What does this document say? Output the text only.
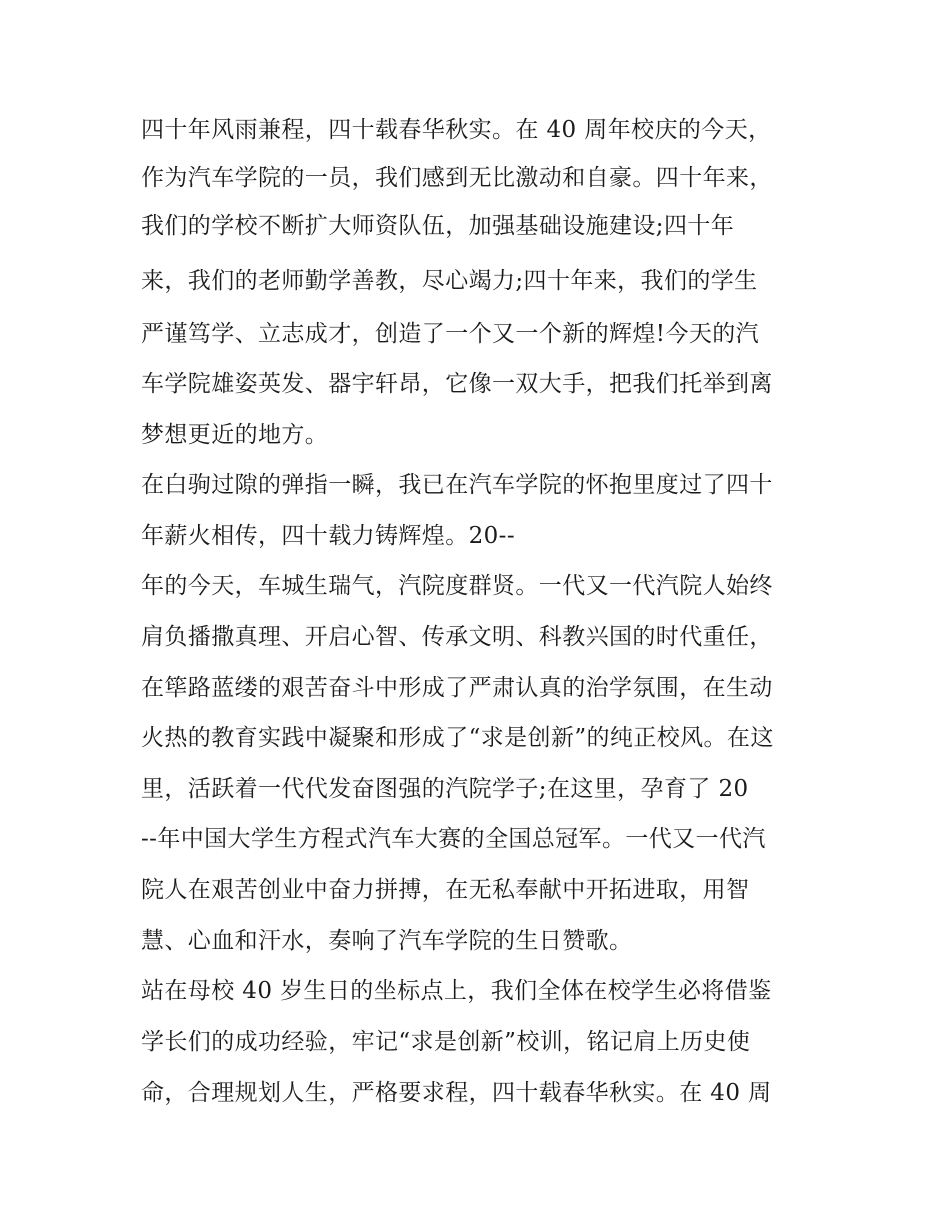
四十年风雨兼程，四十载春华秋实。在 40 周年校庆的今天，
作为汽车学院的一员，我们感到无比激动和自豪。四十年来，
我们的学校不断扩大师资队伍，加强基础设施建设;四十年
来，我们的老师勤学善教，尽心竭力;四十年来，我们的学生
严谨笃学、立志成才，创造了一个又一个新的辉煌!今天的汽
车学院雄姿英发、器宇轩昂，它像一双大手，把我们托举到离
梦想更近的地方。
在白驹过隙的弹指一瞬，我已在汽车学院的怀抱里度过了四十
年薪火相传，四十载力铸辉煌。20--
年的今天，车城生瑞气，汽院度群贤。一代又一代汽院人始终
肩负播撒真理、开启心智、传承文明、科教兴国的时代重任，
在筚路蓝缕的艰苦奋斗中形成了严肃认真的治学氛围，在生动
火热的教育实践中凝聚和形成了“求是创新”的纯正校风。在这
里，活跃着一代代发奋图强的汽院学子;在这里，孕育了 20
--年中国大学生方程式汽车大赛的全国总冠军。一代又一代汽
院人在艰苦创业中奋力拼搏，在无私奉献中开拓进取，用智
慧、心血和汗水，奏响了汽车学院的生日赞歌。
站在母校 40 岁生日的坐标点上，我们全体在校学生必将借鉴
学长们的成功经验，牢记“求是创新”校训，铭记肩上历史使
命，合理规划人生，严格要求程，四十载春华秋实。在 40 周
